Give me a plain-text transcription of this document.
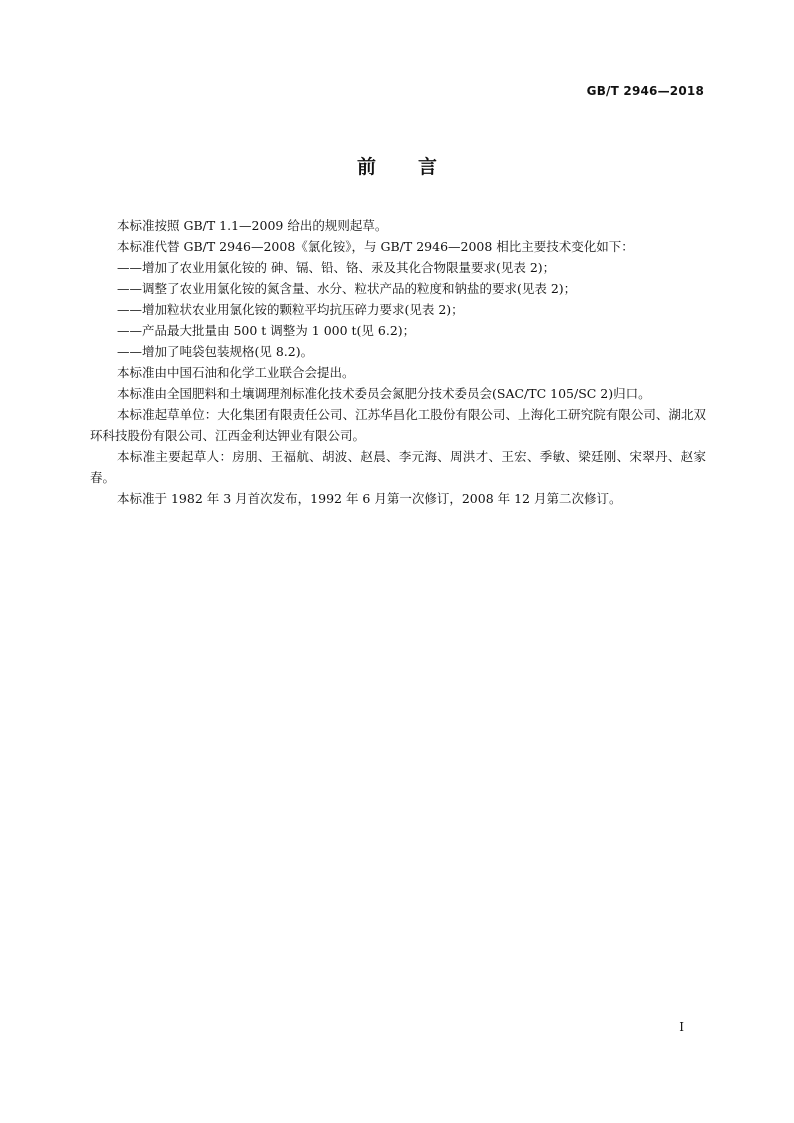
GB/T 2946—2018
前言

本标准按照 GB/T 1.1—2009 给出的规则起草。

本标准代替 GB/T 2946—2008《氯化铵》，与 GB/T 2946—2008 相比主要技术变化如下：

——增加了农业用氯化铵的 砷、镉、铅、铬、汞及其化合物限量要求(见表 2)；

——调整了农业用氯化铵的氮含量、水分、粒状产品的粒度和钠盐的要求(见表 2)；

——增加粒状农业用氯化铵的颗粒平均抗压碎力要求(见表 2)；

——产品最大批量由 500 t 调整为 1 000 t(见 6.2)；

——增加了吨袋包装规格(见 8.2)。

本标准由中国石油和化学工业联合会提出。

本标准由全国肥料和土壤调理剂标准化技术委员会氮肥分技术委员会(SAC/TC 105/SC 2)归口。

本标准起草单位：大化集团有限责任公司、江苏华昌化工股份有限公司、上海化工研究院有限公司、湖北双环科技股份有限公司、江西金利达钾业有限公司。

本标准主要起草人：房朋、王福航、胡波、赵晨、李元海、周洪才、王宏、季敏、梁廷刚、宋翠丹、赵家春。

本标准于 1982 年 3 月首次发布，1992 年 6 月第一次修订，2008 年 12 月第二次修订。

I
